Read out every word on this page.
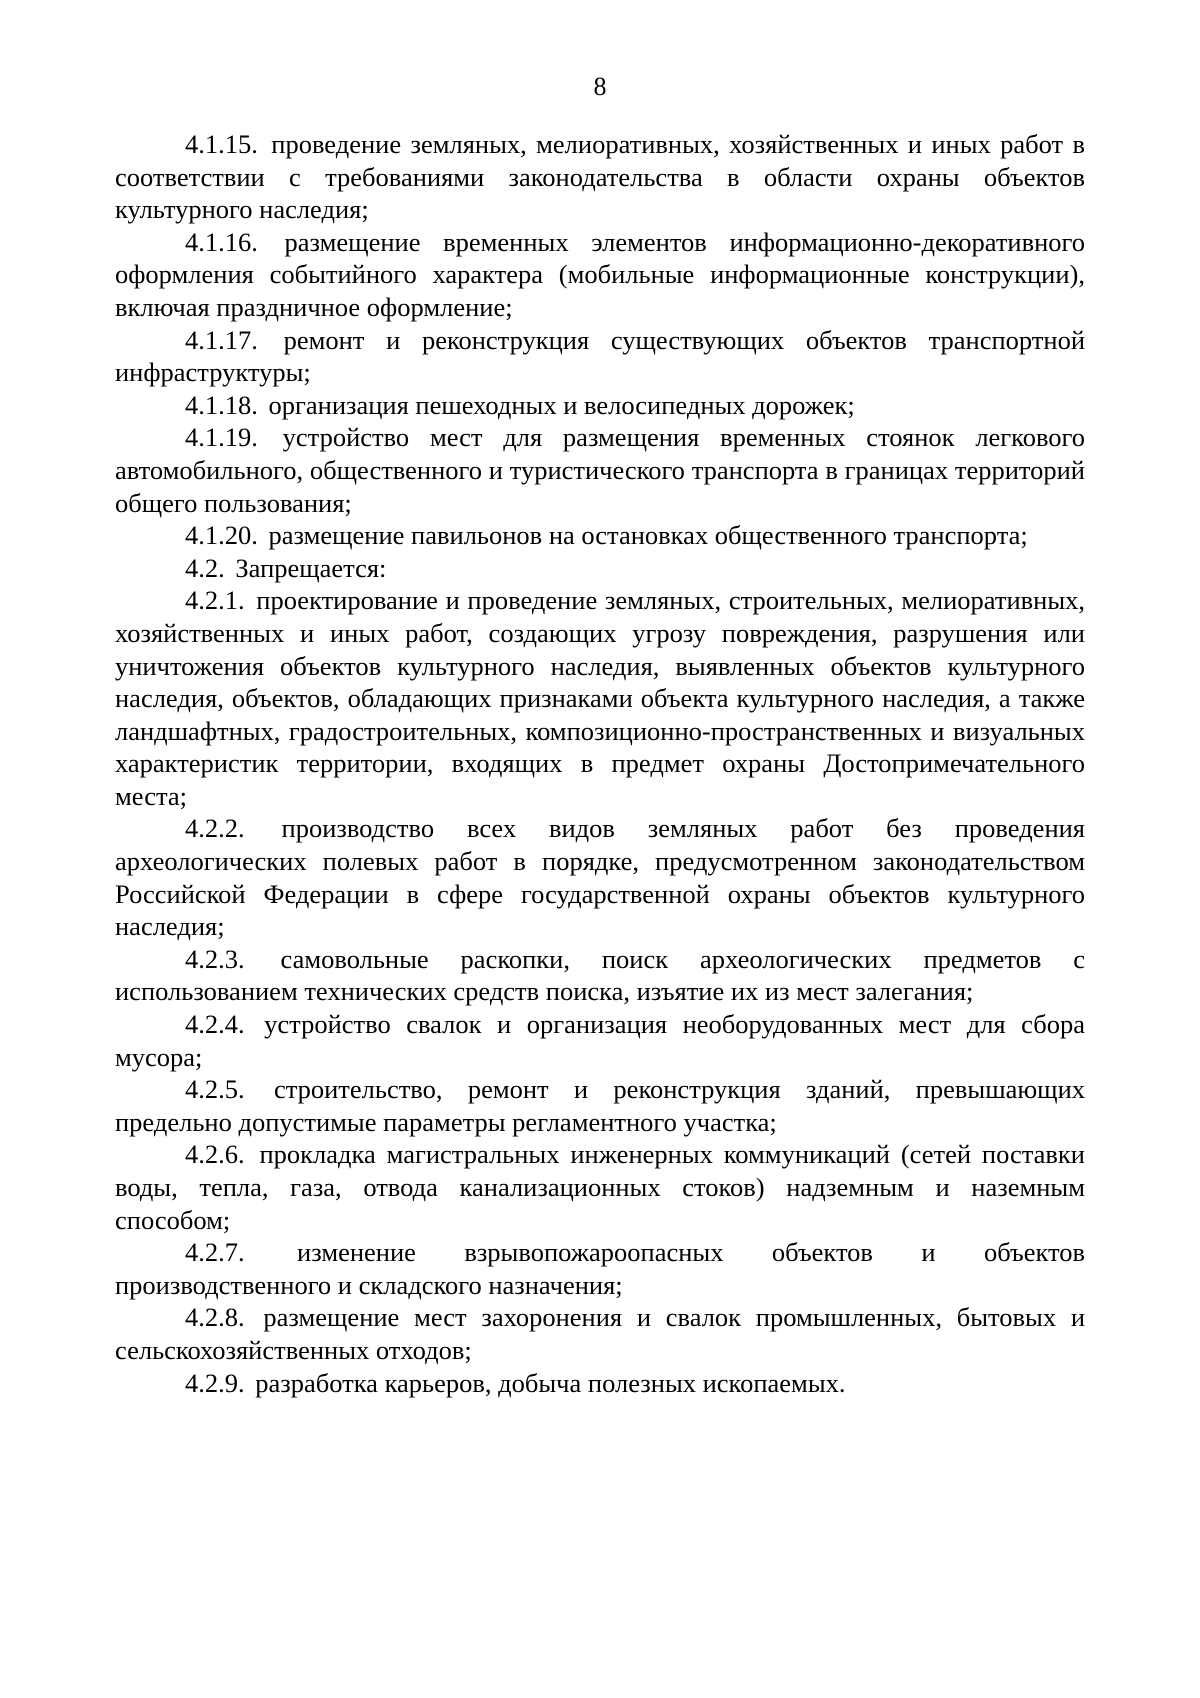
8

4.1.15. проведение земляных, мелиоративных, хозяйственных и иных работ в соответствии с требованиями законодательства в области охраны объектов культурного наследия;

4.1.16. размещение временных элементов информационно-декоративного оформления событийного характера (мобильные информационные конструкции), включая праздничное оформление;

4.1.17. ремонт и реконструкция существующих объектов транспортной инфраструктуры;

4.1.18. организация пешеходных и велосипедных дорожек;

4.1.19. устройство мест для размещения временных стоянок легкового автомобильного, общественного и туристического транспорта в границах территорий общего пользования;

4.1.20. размещение павильонов на остановках общественного транспорта;

4.2. Запрещается:

4.2.1. проектирование и проведение земляных, строительных, мелиоративных, хозяйственных и иных работ, создающих угрозу повреждения, разрушения или уничтожения объектов культурного наследия, выявленных объектов культурного наследия, объектов, обладающих признаками объекта культурного наследия, а также ландшафтных, градостроительных, композиционно-пространственных и визуальных характеристик территории, входящих в предмет охраны Достопримечательного места;

4.2.2. производство всех видов земляных работ без проведения археологических полевых работ в порядке, предусмотренном законодательством Российской Федерации в сфере государственной охраны объектов культурного наследия;

4.2.3. самовольные раскопки, поиск археологических предметов с использованием технических средств поиска, изъятие их из мест залегания;

4.2.4. устройство свалок и организация необорудованных мест для сбора мусора;

4.2.5. строительство, ремонт и реконструкция зданий, превышающих предельно допустимые параметры регламентного участка;

4.2.6. прокладка магистральных инженерных коммуникаций (сетей поставки воды, тепла, газа, отвода канализационных стоков) надземным и наземным способом;

4.2.7. изменение взрывопожароопасных объектов и объектов производственного и складского назначения;

4.2.8. размещение мест захоронения и свалок промышленных, бытовых и сельскохозяйственных отходов;

4.2.9. разработка карьеров, добыча полезных ископаемых.
